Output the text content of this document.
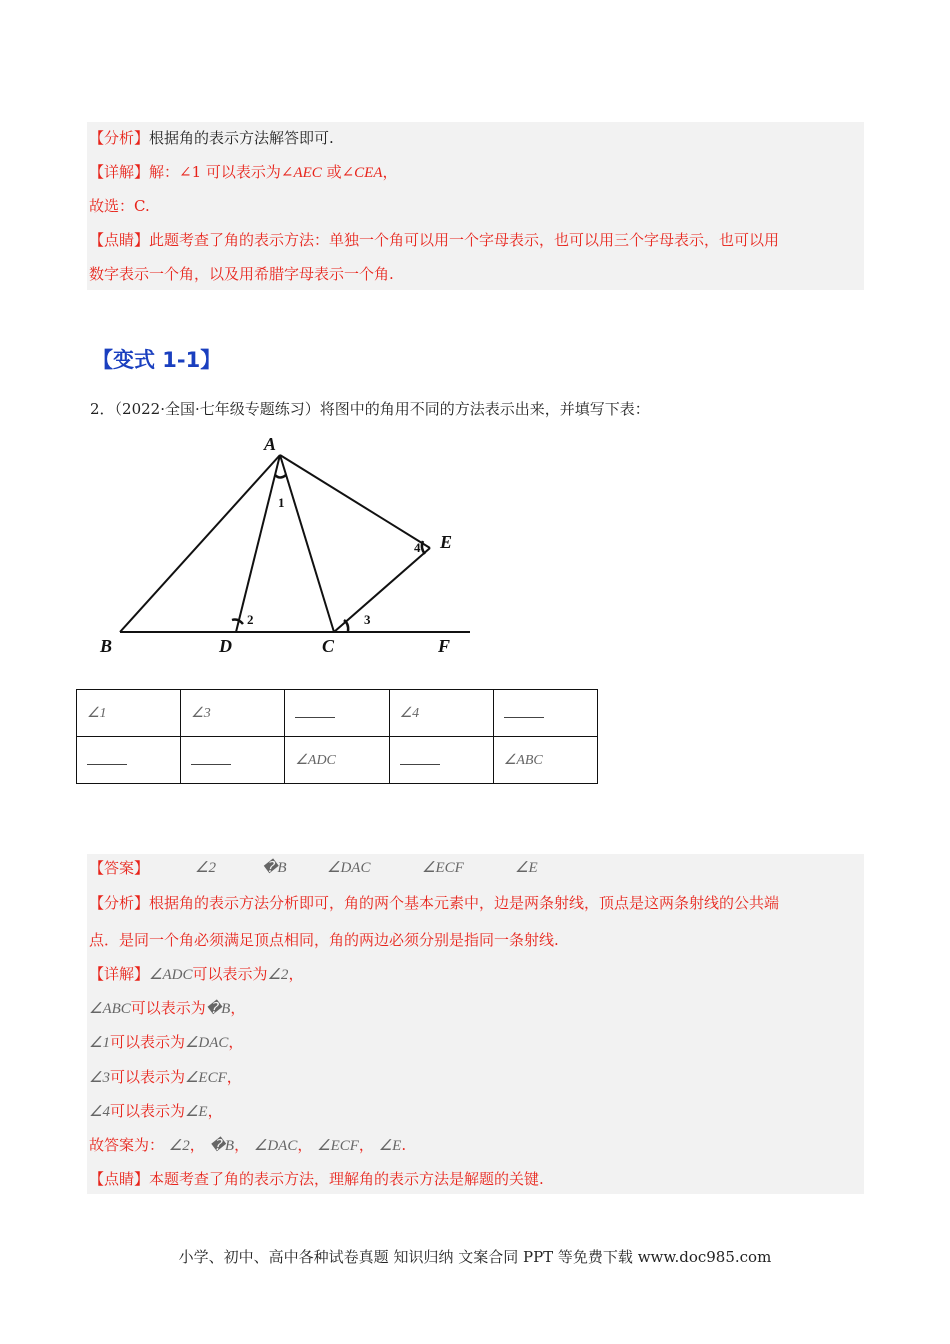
【分析】根据角的表示方法解答即可.
【详解】解：∠1 可以表示为∠AEC 或∠CEA，
故选：C.
【点睛】此题考查了角的表示方法：单独一个角可以用一个字母表示，也可以用三个字母表示，也可以用
数字表示一个角，以及用希腊字母表示一个角.
【变式 1-1】
2．（2022·全国·七年级专题练习）将图中的角用不同的方法表示出来，并填写下表：
A
B	D	C	F
E
1
2	3
4
∠1	∠3		∠4	
		∠ADC		∠ABC
【答案】	∠2	�B	∠DAC	∠ECF	∠E
【分析】根据角的表示方法分析即可，角的两个基本元素中，边是两条射线，顶点是这两条射线的公共端
点．是同一个角必须满足顶点相同，角的两边必须分别是指同一条射线.
【详解】∠ADC可以表示为∠2，
∠ABC可以表示为�B，
∠1可以表示为∠DAC，
∠3可以表示为∠ECF，
∠4可以表示为∠E，
故答案为： ∠2， �B， ∠DAC， ∠ECF， ∠E.
【点睛】本题考查了角的表示方法，理解角的表示方法是解题的关键.
小学、初中、高中各种试卷真题 知识归纳 文案合同 PPT 等免费下载 www.doc985.com
